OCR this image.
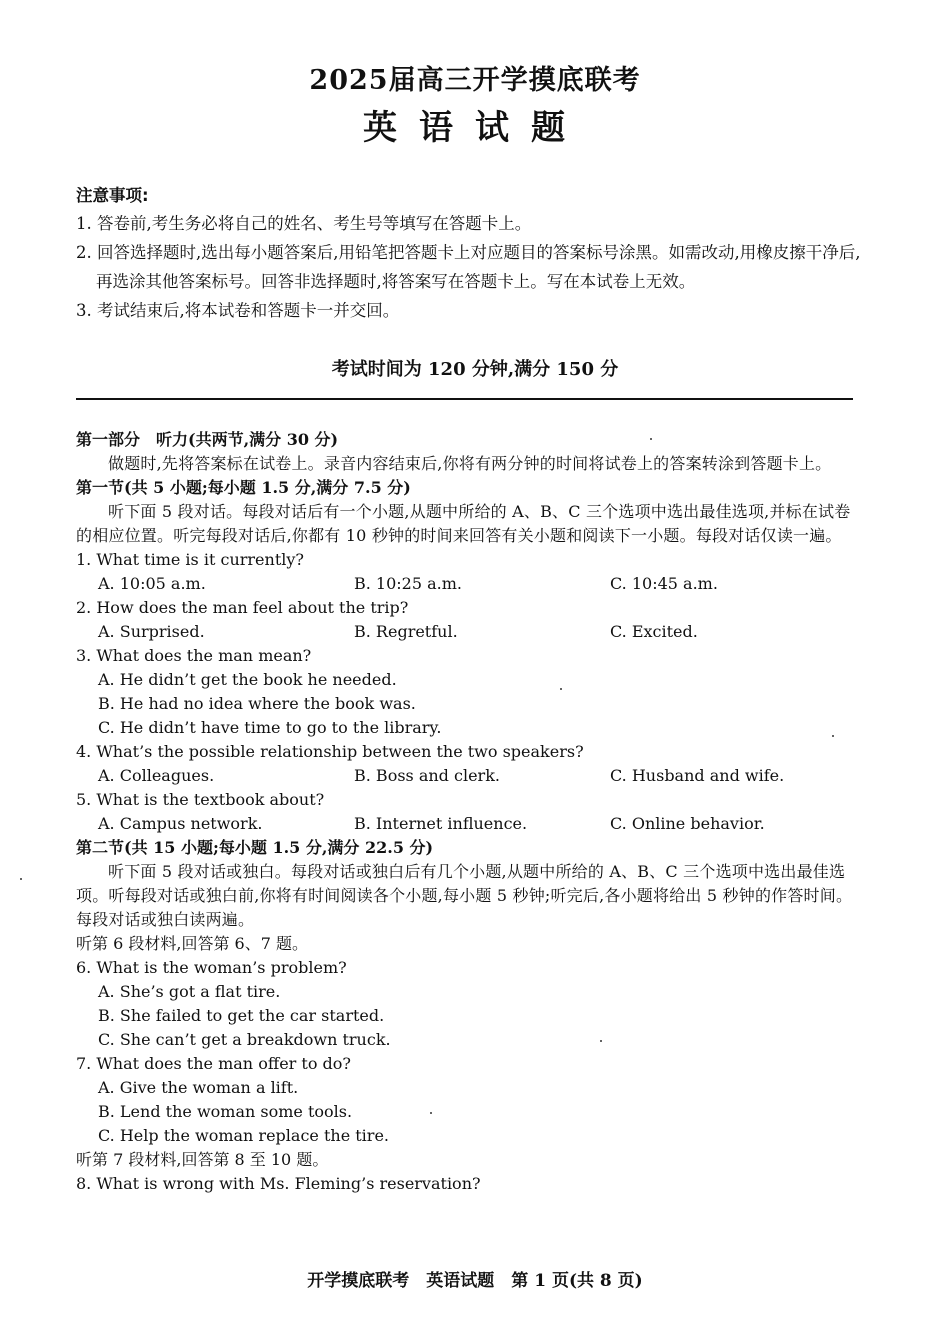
2025届高三开学摸底联考
英语试题
注意事项:
1. 答卷前,考生务必将自己的姓名、考生号等填写在答题卡上。
2. 回答选择题时,选出每小题答案后,用铅笔把答题卡上对应题目的答案标号涂黑。如需改动,用橡皮擦干净后,再选涂其他答案标号。回答非选择题时,将答案写在答题卡上。写在本试卷上无效。
3. 考试结束后,将本试卷和答题卡一并交回。
考试时间为 120 分钟,满分 150 分
第一部分　听力(共两节,满分 30 分)
做题时,先将答案标在试卷上。录音内容结束后,你将有两分钟的时间将试卷上的答案转涂到答题卡上。
第一节(共 5 小题;每小题 1.5 分,满分 7.5 分)
听下面 5 段对话。每段对话后有一个小题,从题中所给的 A、B、C 三个选项中选出最佳选项,并标在试卷的相应位置。听完每段对话后,你都有 10 秒钟的时间来回答有关小题和阅读下一小题。每段对话仅读一遍。
1. What time is it currently?
A. 10:05 a.m.	B. 10:25 a.m.	C. 10:45 a.m.
2. How does the man feel about the trip?
A. Surprised.	B. Regretful.	C. Excited.
3. What does the man mean?
A. He didn’t get the book he needed.
B. He had no idea where the book was.
C. He didn’t have time to go to the library.
4. What’s the possible relationship between the two speakers?
A. Colleagues.	B. Boss and clerk.	C. Husband and wife.
5. What is the textbook about?
A. Campus network.	B. Internet influence.	C. Online behavior.
第二节(共 15 小题;每小题 1.5 分,满分 22.5 分)
听下面 5 段对话或独白。每段对话或独白后有几个小题,从题中所给的 A、B、C 三个选项中选出最佳选项。听每段对话或独白前,你将有时间阅读各个小题,每小题 5 秒钟;听完后,各小题将给出 5 秒钟的作答时间。每段对话或独白读两遍。
听第 6 段材料,回答第 6、7 题。
6. What is the woman’s problem?
A. She’s got a flat tire.
B. She failed to get the car started.
C. She can’t get a breakdown truck.
7. What does the man offer to do?
A. Give the woman a lift.
B. Lend the woman some tools.
C. Help the woman replace the tire.
听第 7 段材料,回答第 8 至 10 题。
8. What is wrong with Ms. Fleming’s reservation?
开学摸底联考　英语试题　第 1 页(共 8 页)
